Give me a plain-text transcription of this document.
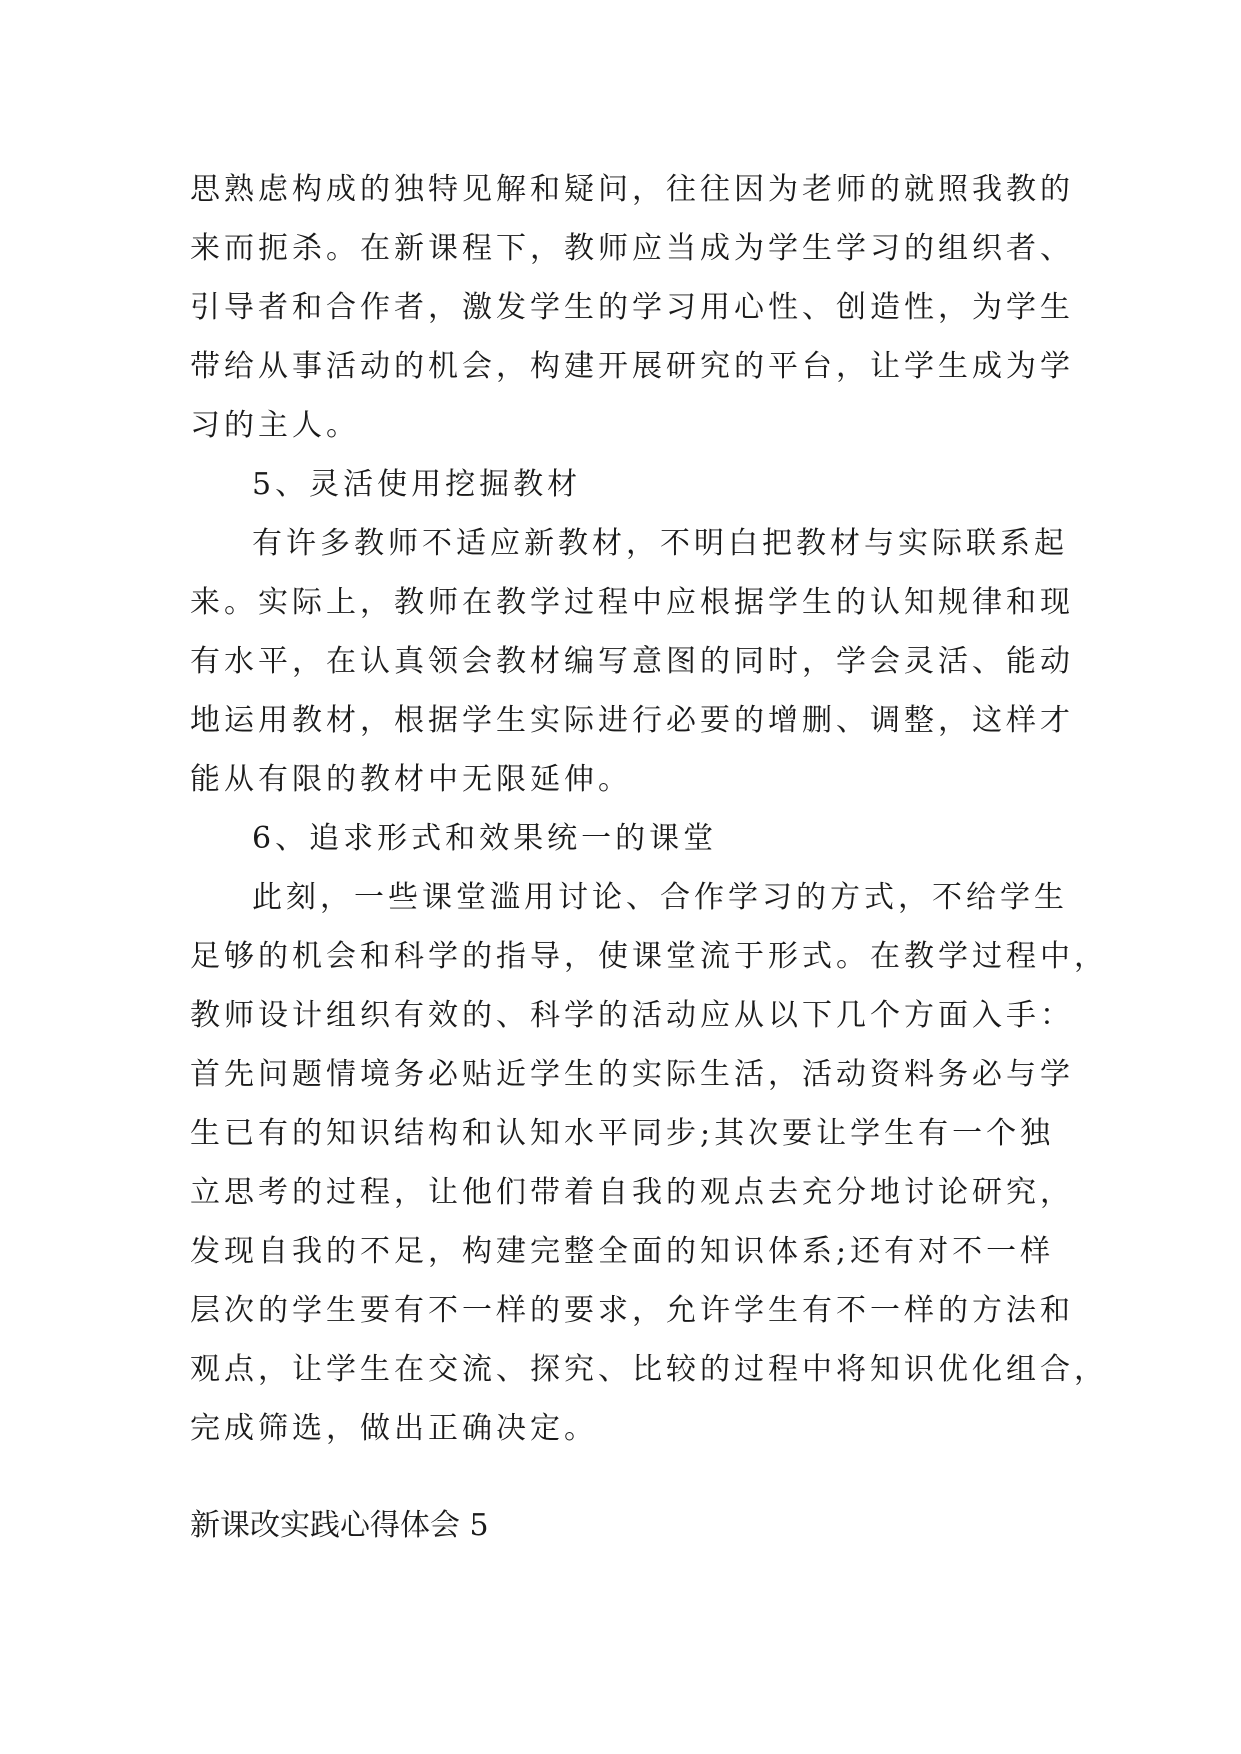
思熟虑构成的独特见解和疑问，往往因为老师的就照我教的
来而扼杀。在新课程下，教师应当成为学生学习的组织者、
引导者和合作者，激发学生的学习用心性、创造性，为学生
带给从事活动的机会，构建开展研究的平台，让学生成为学
习的主人。
5、灵活使用挖掘教材
有许多教师不适应新教材，不明白把教材与实际联系起
来。实际上，教师在教学过程中应根据学生的认知规律和现
有水平，在认真领会教材编写意图的同时，学会灵活、能动
地运用教材，根据学生实际进行必要的增删、调整，这样才
能从有限的教材中无限延伸。
6、追求形式和效果统一的课堂
此刻，一些课堂滥用讨论、合作学习的方式，不给学生
足够的机会和科学的指导，使课堂流于形式。在教学过程中，
教师设计组织有效的、科学的活动应从以下几个方面入手：
首先问题情境务必贴近学生的实际生活，活动资料务必与学
生已有的知识结构和认知水平同步;其次要让学生有一个独
立思考的过程，让他们带着自我的观点去充分地讨论研究，
发现自我的不足，构建完整全面的知识体系;还有对不一样
层次的学生要有不一样的要求，允许学生有不一样的方法和
观点，让学生在交流、探究、比较的过程中将知识优化组合，
完成筛选，做出正确决定。
新课改实践心得体会 5
